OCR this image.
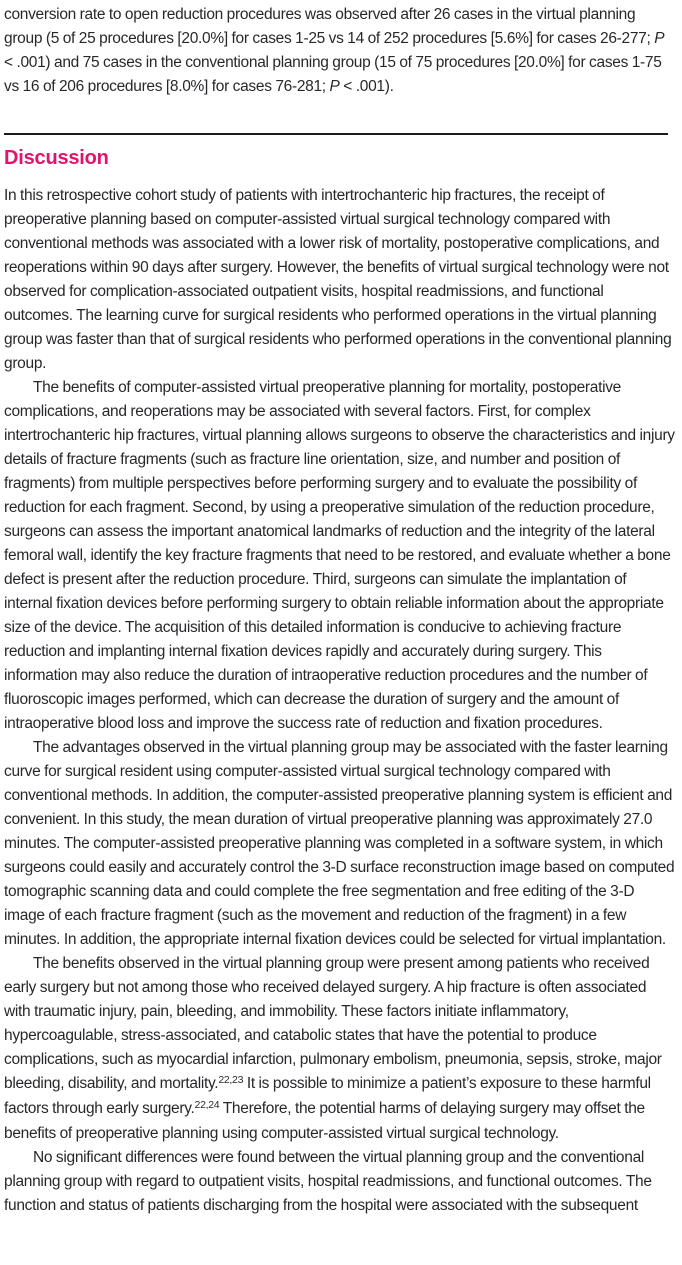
conversion rate to open reduction procedures was observed after 26 cases in the virtual planning group (5 of 25 procedures [20.0%] for cases 1-25 vs 14 of 252 procedures [5.6%] for cases 26-277; P < .001) and 75 cases in the conventional planning group (15 of 75 procedures [20.0%] for cases 1-75 vs 16 of 206 procedures [8.0%] for cases 76-281; P < .001).

Discussion

In this retrospective cohort study of patients with intertrochanteric hip fractures, the receipt of preoperative planning based on computer-assisted virtual surgical technology compared with conventional methods was associated with a lower risk of mortality, postoperative complications, and reoperations within 90 days after surgery. However, the benefits of virtual surgical technology were not observed for complication-associated outpatient visits, hospital readmissions, and functional outcomes. The learning curve for surgical residents who performed operations in the virtual planning group was faster than that of surgical residents who performed operations in the conventional planning group.

The benefits of computer-assisted virtual preoperative planning for mortality, postoperative complications, and reoperations may be associated with several factors. First, for complex intertrochanteric hip fractures, virtual planning allows surgeons to observe the characteristics and injury details of fracture fragments (such as fracture line orientation, size, and number and position of fragments) from multiple perspectives before performing surgery and to evaluate the possibility of reduction for each fragment. Second, by using a preoperative simulation of the reduction procedure, surgeons can assess the important anatomical landmarks of reduction and the integrity of the lateral femoral wall, identify the key fracture fragments that need to be restored, and evaluate whether a bone defect is present after the reduction procedure. Third, surgeons can simulate the implantation of internal fixation devices before performing surgery to obtain reliable information about the appropriate size of the device. The acquisition of this detailed information is conducive to achieving fracture reduction and implanting internal fixation devices rapidly and accurately during surgery. This information may also reduce the duration of intraoperative reduction procedures and the number of fluoroscopic images performed, which can decrease the duration of surgery and the amount of intraoperative blood loss and improve the success rate of reduction and fixation procedures.

The advantages observed in the virtual planning group may be associated with the faster learning curve for surgical resident using computer-assisted virtual surgical technology compared with conventional methods. In addition, the computer-assisted preoperative planning system is efficient and convenient. In this study, the mean duration of virtual preoperative planning was approximately 27.0 minutes. The computer-assisted preoperative planning was completed in a software system, in which surgeons could easily and accurately control the 3-D surface reconstruction image based on computed tomographic scanning data and could complete the free segmentation and free editing of the 3-D image of each fracture fragment (such as the movement and reduction of the fragment) in a few minutes. In addition, the appropriate internal fixation devices could be selected for virtual implantation.

The benefits observed in the virtual planning group were present among patients who received early surgery but not among those who received delayed surgery. A hip fracture is often associated with traumatic injury, pain, bleeding, and immobility. These factors initiate inflammatory, hypercoagulable, stress-associated, and catabolic states that have the potential to produce complications, such as myocardial infarction, pulmonary embolism, pneumonia, sepsis, stroke, major bleeding, disability, and mortality.$^{22,23}$ It is possible to minimize a patient’s exposure to these harmful factors through early surgery.$^{22,24}$ Therefore, the potential harms of delaying surgery may offset the benefits of preoperative planning using computer-assisted virtual surgical technology.

No significant differences were found between the virtual planning group and the conventional planning group with regard to outpatient visits, hospital readmissions, and functional outcomes. The function and status of patients discharging from the hospital were associated with the subsequent
